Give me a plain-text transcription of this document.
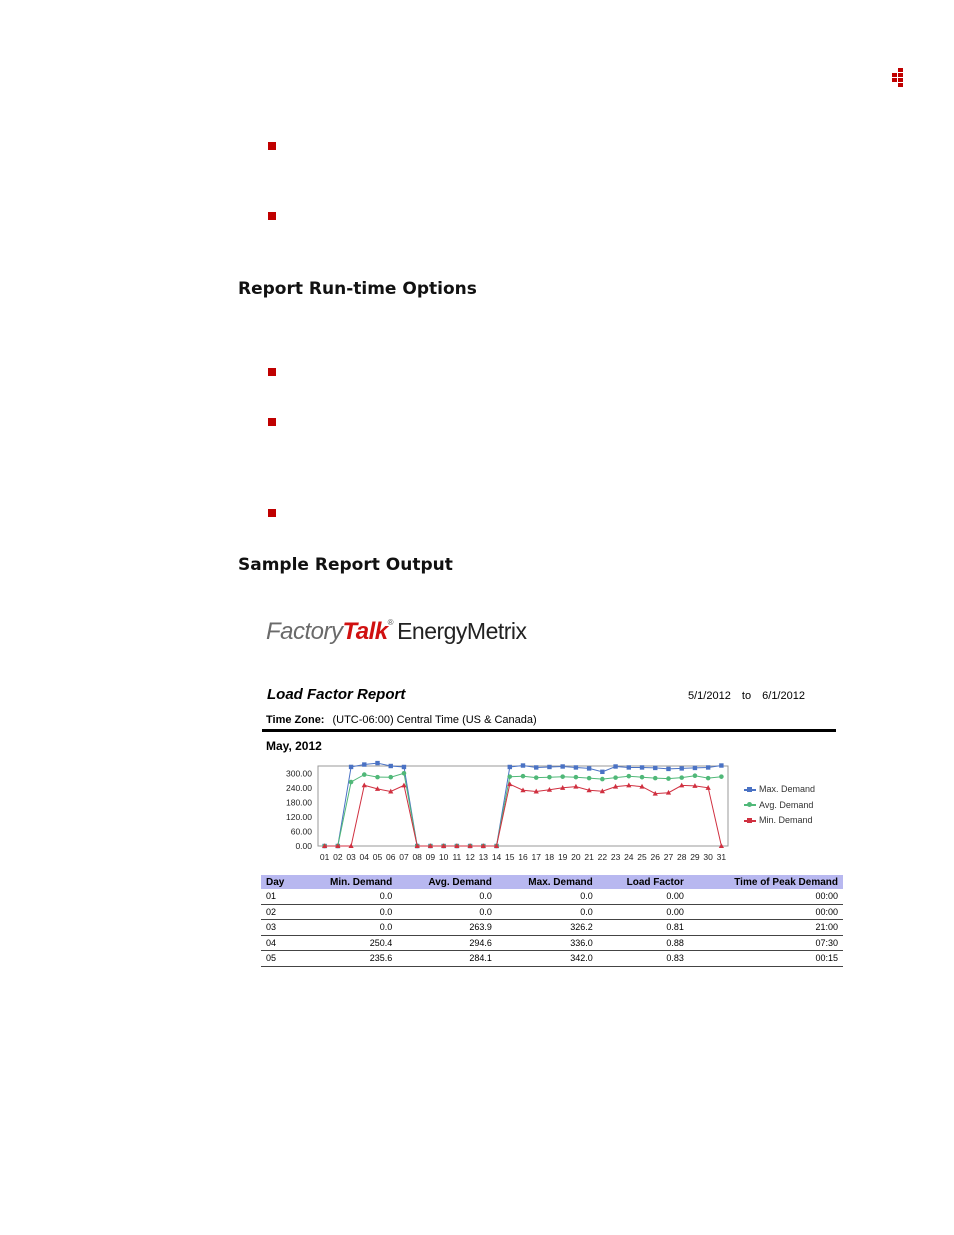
Report Run-time Options
Sample Report Output
FactoryTalk® EnergyMetrix
Load Factor Report	5/1/2012 to 6/1/2012
Time Zone: (UTC-06:00) Central Time (US & Canada)
May, 2012
300.00
240.00
180.00
120.00
60.00
0.00
01 02 03 04 05 06 07 08 09 10 11 12 13 14 15 16 17 18 19 20 21 22 23 24 25 26 27 28 29 30 31
Max. Demand
Avg. Demand
Min. Demand
Day	Min. Demand	Avg. Demand	Max. Demand	Load Factor	Time of Peak Demand
01	0.0	0.0	0.0	0.00	00:00
02	0.0	0.0	0.0	0.00	00:00
03	0.0	263.9	326.2	0.81	21:00
04	250.4	294.6	336.0	0.88	07:30
05	235.6	284.1	342.0	0.83	00:15
